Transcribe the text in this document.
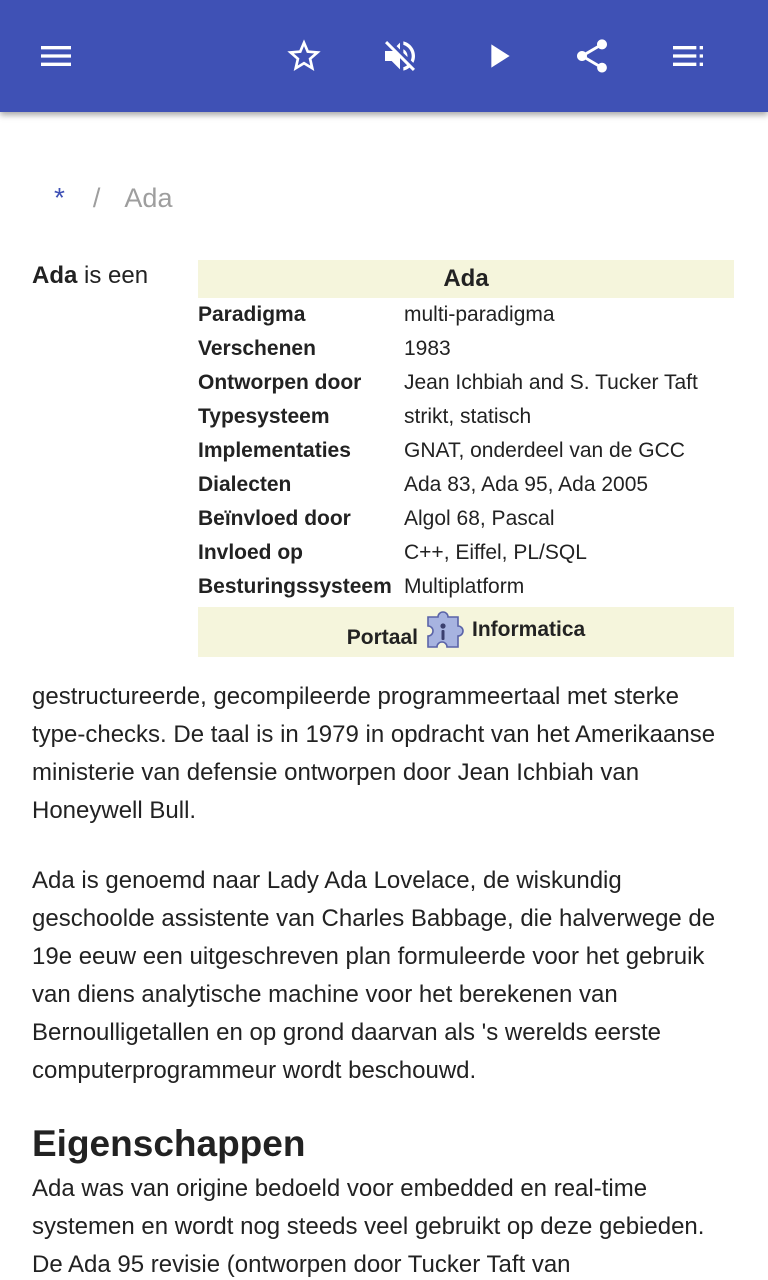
* / Ada
Ada is een	Ada
Paradigma	multi-paradigma
Verschenen	1983
Ontworpen door	Jean Ichbiah and S. Tucker Taft
Typesysteem	strikt, statisch
Implementaties	GNAT, onderdeel van de GCC
Dialecten	Ada 83, Ada 95, Ada 2005
Beïnvloed door	Algol 68, Pascal
Invloed op	C++, Eiffel, PL/SQL
Besturingssysteem Multiplatform
Portaal	Informatica

gestructureerde, gecompileerde programmeertaal met sterke type-checks. De taal is in 1979 in opdracht van het Amerikaanse ministerie van defensie ontworpen door Jean Ichbiah van Honeywell Bull.

Ada is genoemd naar Lady Ada Lovelace, de wiskundig geschoolde assistente van Charles Babbage, die halverwege de 19e eeuw een uitgeschreven plan formuleerde voor het gebruik van diens analytische machine voor het berekenen van Bernoulligetallen en op grond daarvan als 's werelds eerste computerprogrammeur wordt beschouwd.

Eigenschappen

Ada was van origine bedoeld voor embedded en real-time systemen en wordt nog steeds veel gebruikt op deze gebieden. De Ada 95 revisie (ontworpen door Tucker Taft van
